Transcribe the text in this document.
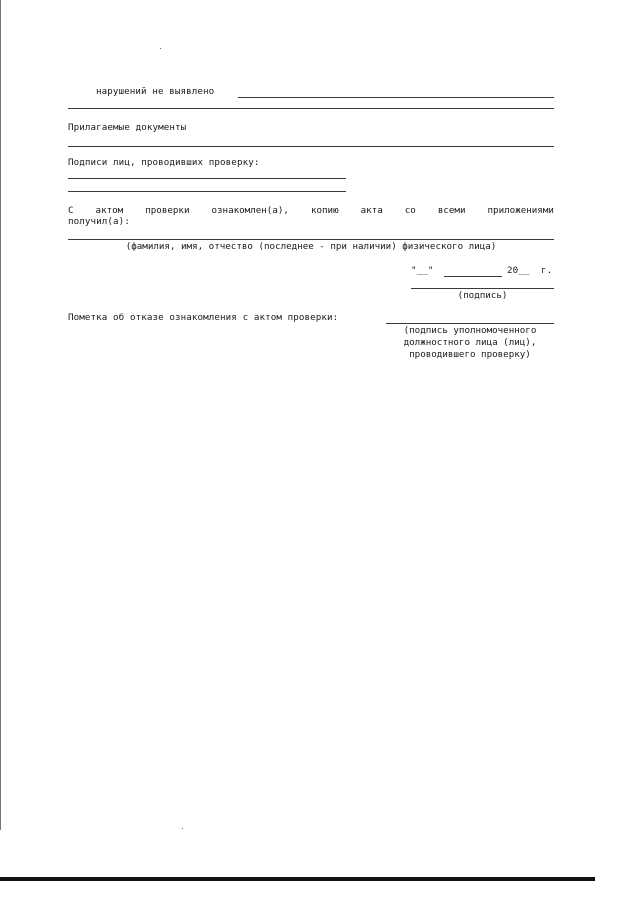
нарушений не выявлено
Прилагаемые документы
Подписи лиц, проводивших проверку:
С актом проверки ознакомлен(а), копию акта со всеми приложениями
получил(а):
(фамилия, имя, отчество (последнее - при наличии) физического лица)
"__"	20__ г.
(подпись)
Пометка об отказе ознакомления с актом проверки:
(подпись уполномоченного
должностного лица (лиц),
проводившего проверку)
